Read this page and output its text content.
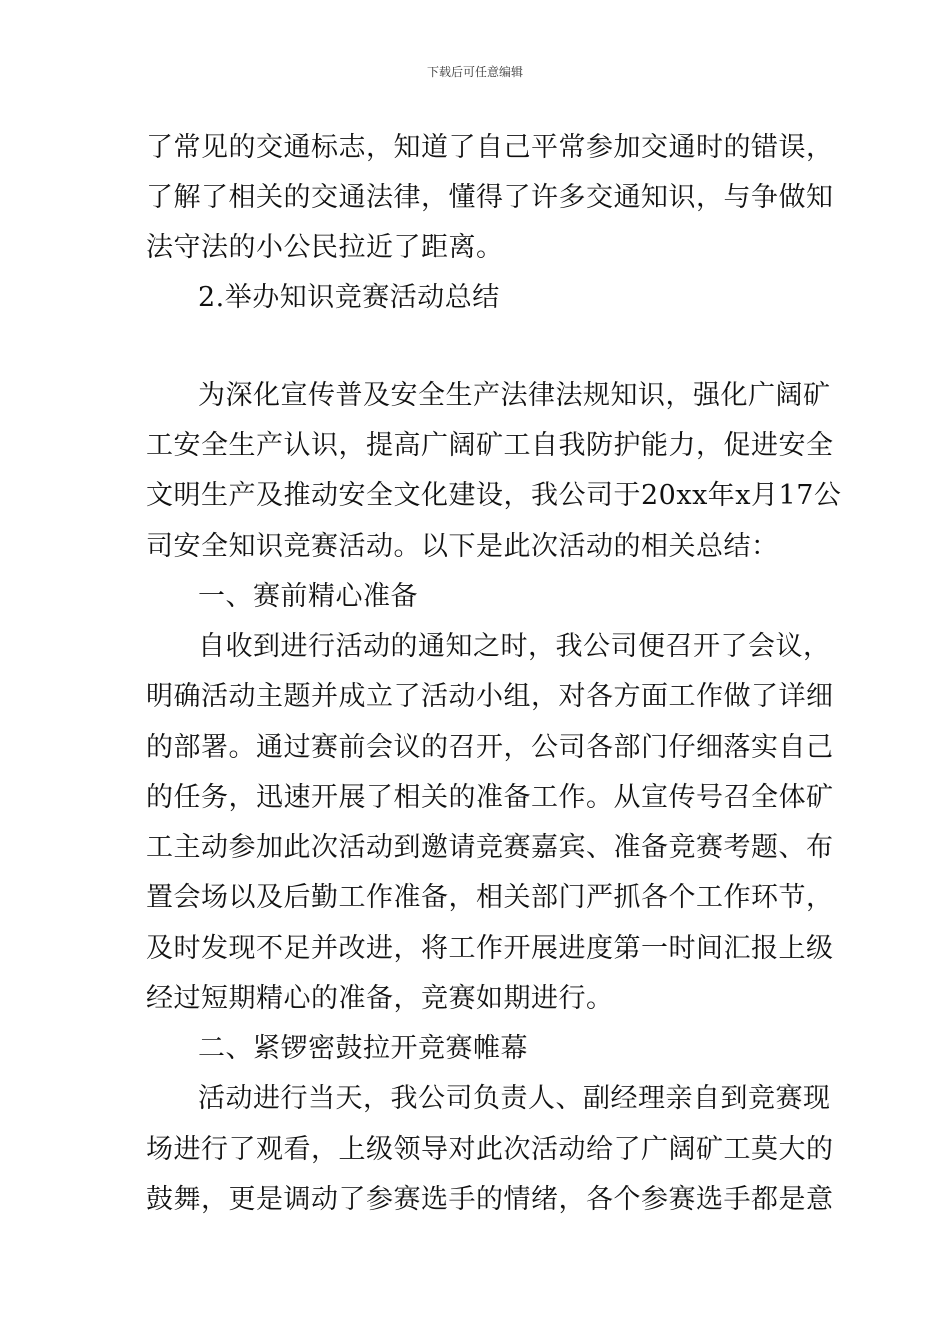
下载后可任意编辑
了常见的交通标志，知道了自己平常参加交通时的错误，
了解了相关的交通法律，懂得了许多交通知识，与争做知
法守法的小公民拉近了距离。
2.举办知识竞赛活动总结
为深化宣传普及安全生产法律法规知识，强化广阔矿
工安全生产认识，提高广阔矿工自我防护能力，促进安全
文明生产及推动安全文化建设，我公司于20xx年x月17公
司安全知识竞赛活动。以下是此次活动的相关总结：
一、赛前精心准备
自收到进行活动的通知之时，我公司便召开了会议，
明确活动主题并成立了活动小组，对各方面工作做了详细
的部署。通过赛前会议的召开，公司各部门仔细落实自己
的任务，迅速开展了相关的准备工作。从宣传号召全体矿
工主动参加此次活动到邀请竞赛嘉宾、准备竞赛考题、布
置会场以及后勤工作准备，相关部门严抓各个工作环节，
及时发现不足并改进，将工作开展进度第一时间汇报上级
经过短期精心的准备，竞赛如期进行。
二、紧锣密鼓拉开竞赛帷幕
活动进行当天，我公司负责人、副经理亲自到竞赛现
场进行了观看，上级领导对此次活动给了广阔矿工莫大的
鼓舞，更是调动了参赛选手的情绪，各个参赛选手都是意
